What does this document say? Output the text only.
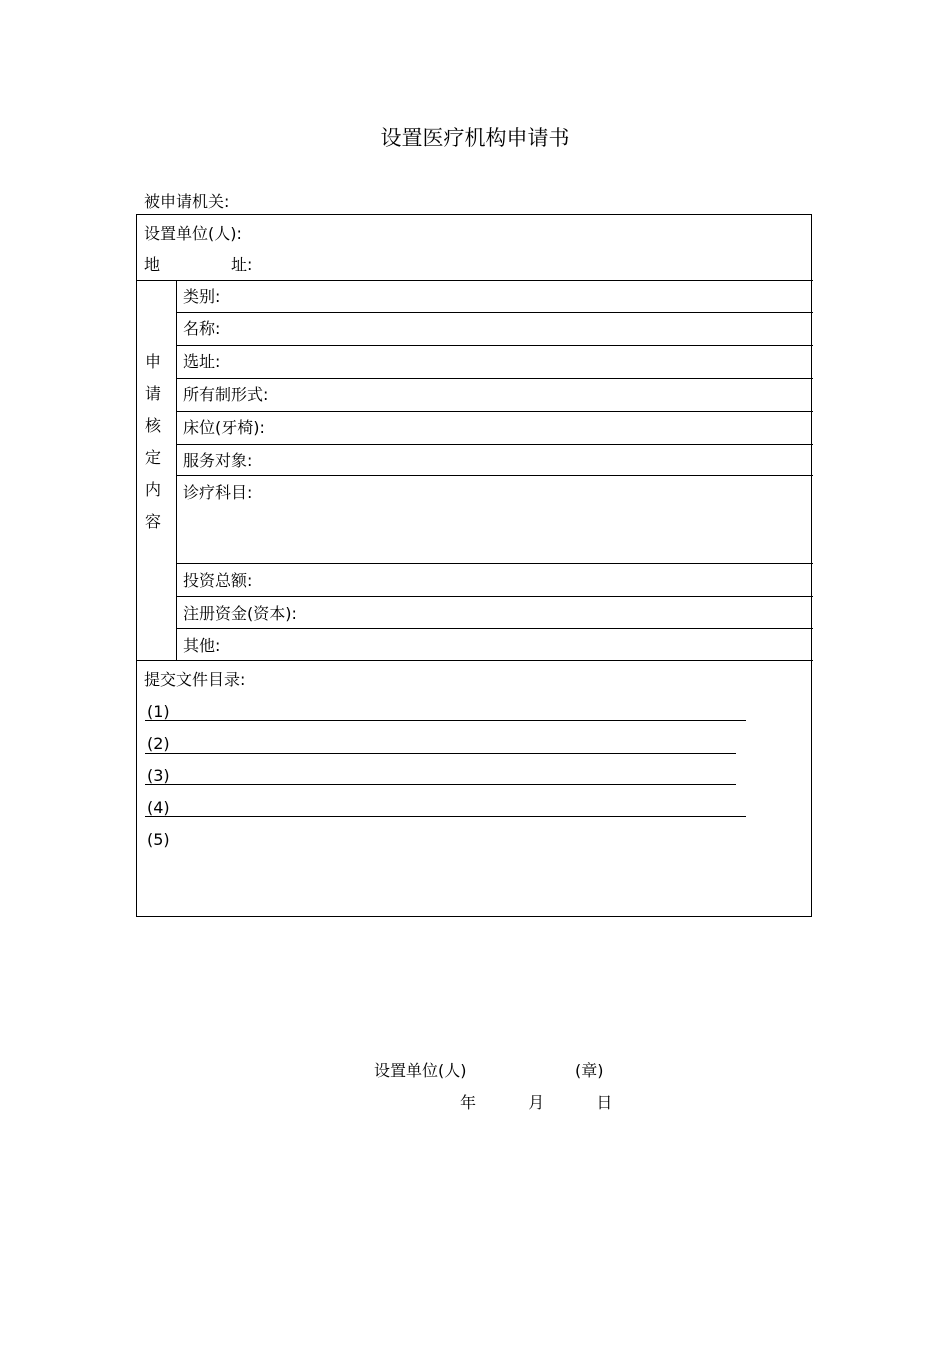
设置医疗机构申请书
被申请机关:
设置单位(人):
地	址:
申
请
核
定
内
容
类别:
名称:
选址:
所有制形式:
床位(牙椅):
服务对象:
诊疗科目:
投资总额:
注册资金(资本):
其他:
提交文件目录:
(1)
(2)
(3)
(4)
(5)
设置单位(人)	(章)
年	月	日
